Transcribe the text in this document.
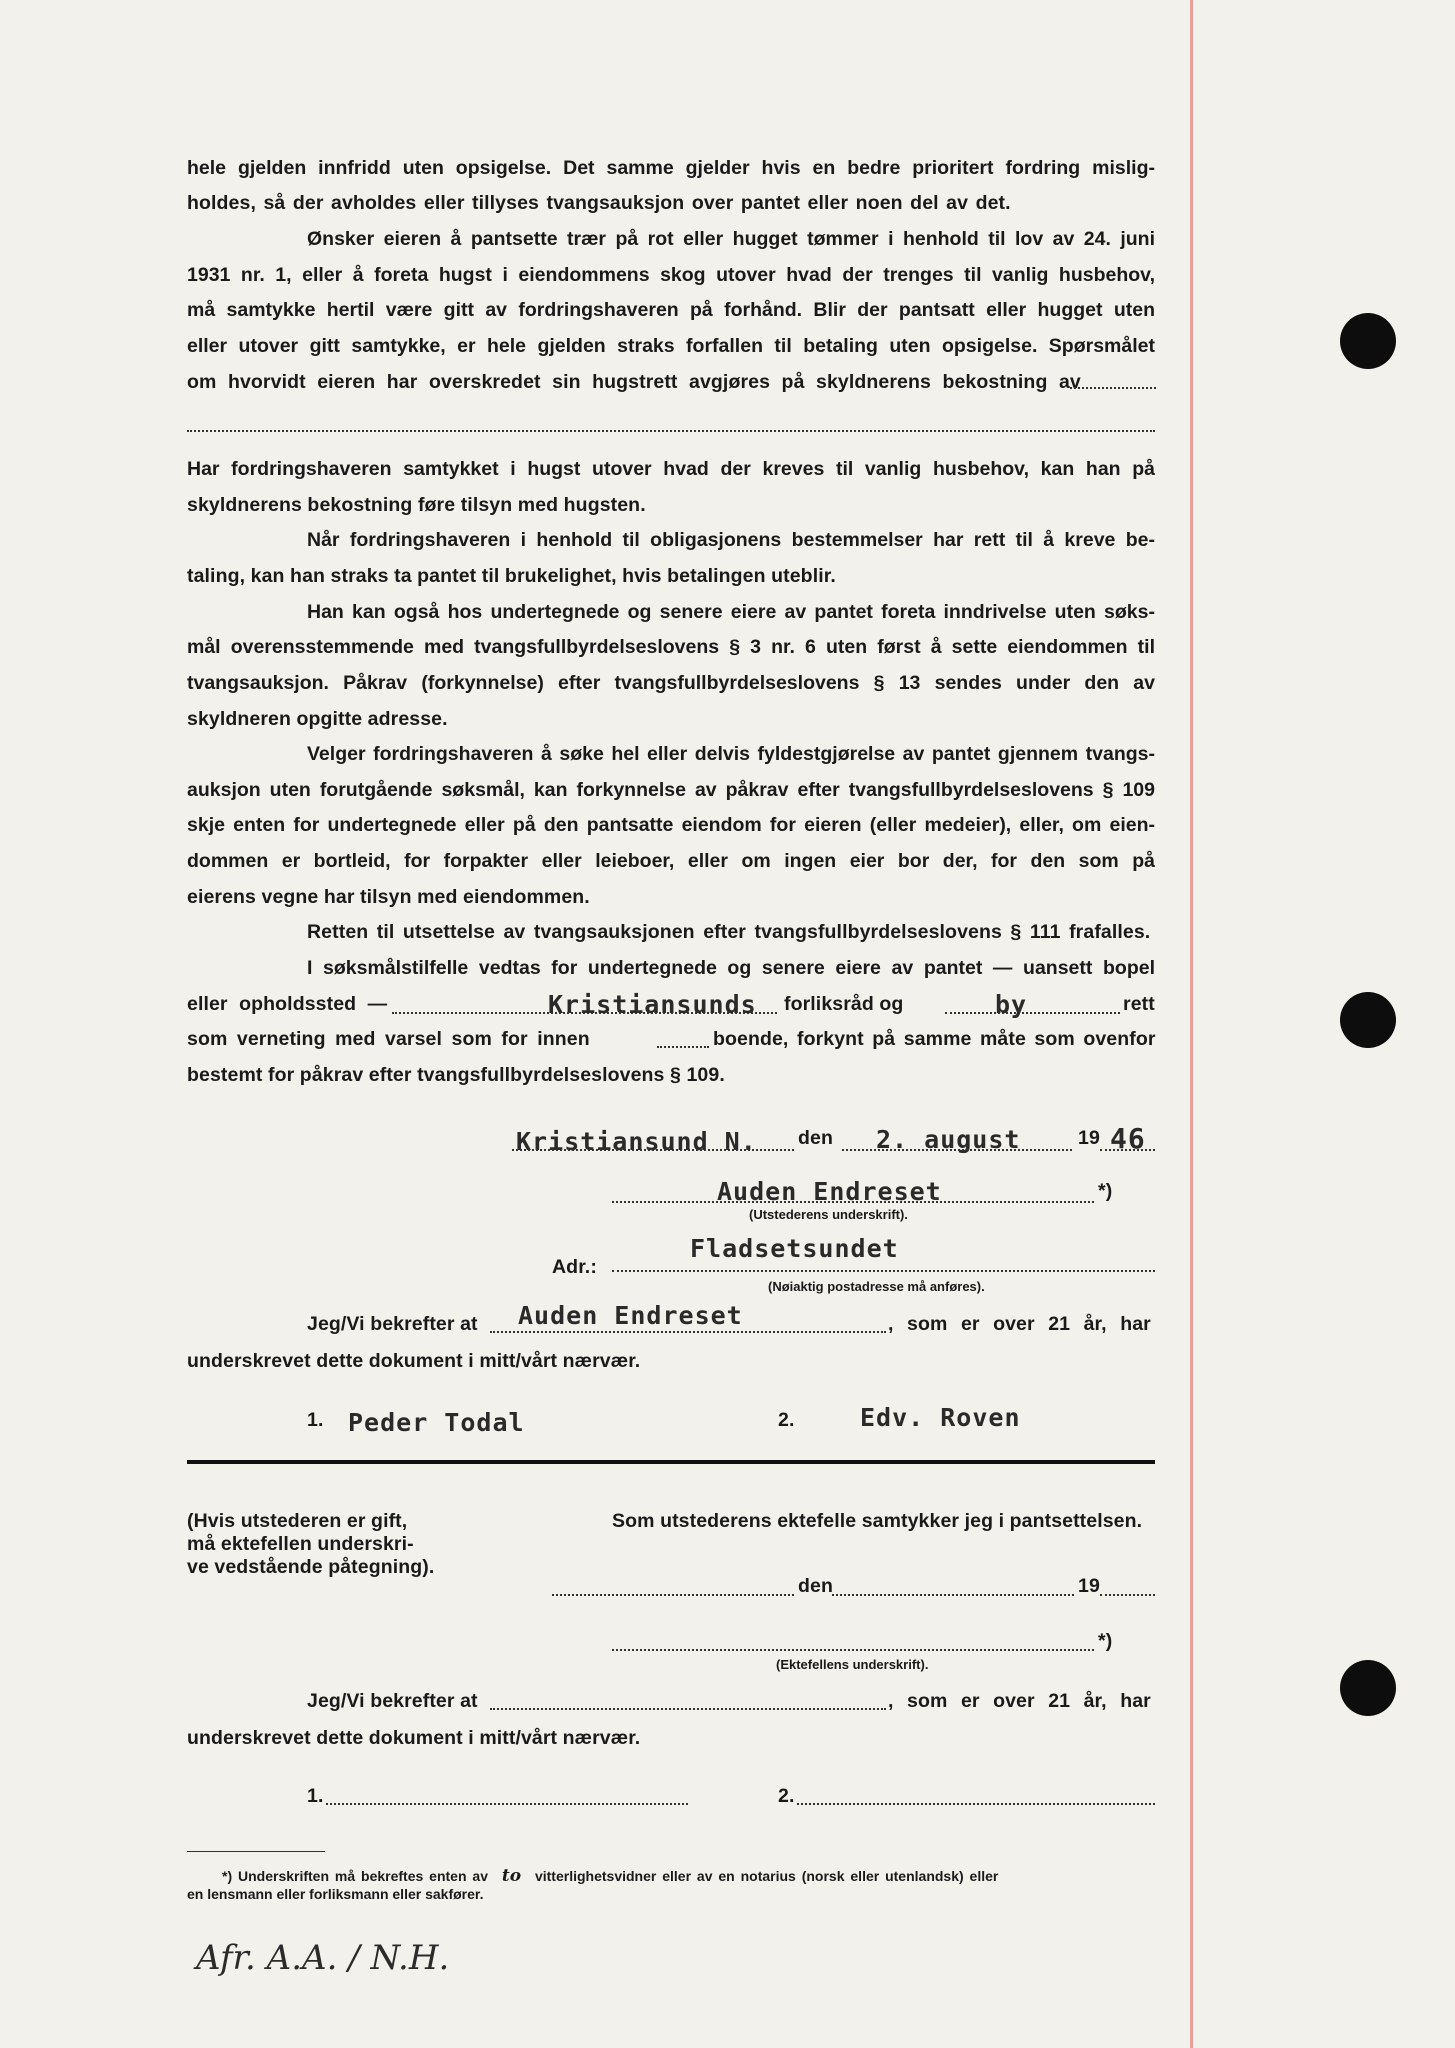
hele gjelden innfridd uten opsigelse. Det samme gjelder hvis en bedre prioritert fordring mislig-
holdes, så der avholdes eller tillyses tvangsauksjon over pantet eller noen del av det.
Ønsker eieren å pantsette trær på rot eller hugget tømmer i henhold til lov av 24. juni
1931 nr. 1, eller å foreta hugst i eiendommens skog utover hvad der trenges til vanlig husbehov,
må samtykke hertil være gitt av fordringshaveren på forhånd. Blir der pantsatt eller hugget uten
eller utover gitt samtykke, er hele gjelden straks forfallen til betaling uten opsigelse. Spørsmålet
om hvorvidt eieren har overskredet sin hugstrett avgjøres på skyldnerens bekostning av
Har fordringshaveren samtykket i hugst utover hvad der kreves til vanlig husbehov, kan han på
skyldnerens bekostning føre tilsyn med hugsten.
Når fordringshaveren i henhold til obligasjonens bestemmelser har rett til å kreve be-
taling, kan han straks ta pantet til brukelighet, hvis betalingen uteblir.
Han kan også hos undertegnede og senere eiere av pantet foreta inndrivelse uten søks-
mål overensstemmende med tvangsfullbyrdelseslovens § 3 nr. 6 uten først å sette eiendommen til
tvangsauksjon. Påkrav (forkynnelse) efter tvangsfullbyrdelseslovens § 13 sendes under den av
skyldneren opgitte adresse.
Velger fordringshaveren å søke hel eller delvis fyldestgjørelse av pantet gjennem tvangs-
auksjon uten forutgående søksmål, kan forkynnelse av påkrav efter tvangsfullbyrdelseslovens § 109
skje enten for undertegnede eller på den pantsatte eiendom for eieren (eller medeier), eller, om eien-
dommen er bortleid, for forpakter eller leieboer, eller om ingen eier bor der, for den som på
eierens vegne har tilsyn med eiendommen.
Retten til utsettelse av tvangsauksjonen efter tvangsfullbyrdelseslovens § 111 frafalles.
I søksmålstilfelle vedtas for undertegnede og senere eiere av pantet — uansett bopel
eller opholdssted —	Kristiansunds forliksråd og	by	rett
som verneting med varsel som for innen	boende, forkynt på samme måte som ovenfor
bestemt for påkrav efter tvangsfullbyrdelseslovens § 109.
Kristiansund N. den 2. august	19 46
Auden Endreset	*)
(Utstederens underskrift).
Adr.:
Fladsetsundet
(Nøiaktig postadresse må anføres).
Jeg/Vi bekrefter at Auden Endreset	, som er over 21 år, har
underskrevet dette dokument i mitt/vårt nærvær.
1. Peder Todal	2.	Edv. Roven
(Hvis utstederen er gift,
må ektefellen underskri-
ve vedstående påtegning).
Som utstederens ektefelle samtykker jeg i pantsettelsen.
den	19
*)
(Ektefellens underskrift).
Jeg/Vi bekrefter at	, som er over 21 år, har
underskrevet dette dokument i mitt/vårt nærvær.
1.	2.
*) Underskriften må bekreftes enten av to vitterlighetsvidner eller av en notarius (norsk eller utenlandsk) eller
en lensmann eller forliksmann eller sakfører.
Afr. A.A. / N.H.
